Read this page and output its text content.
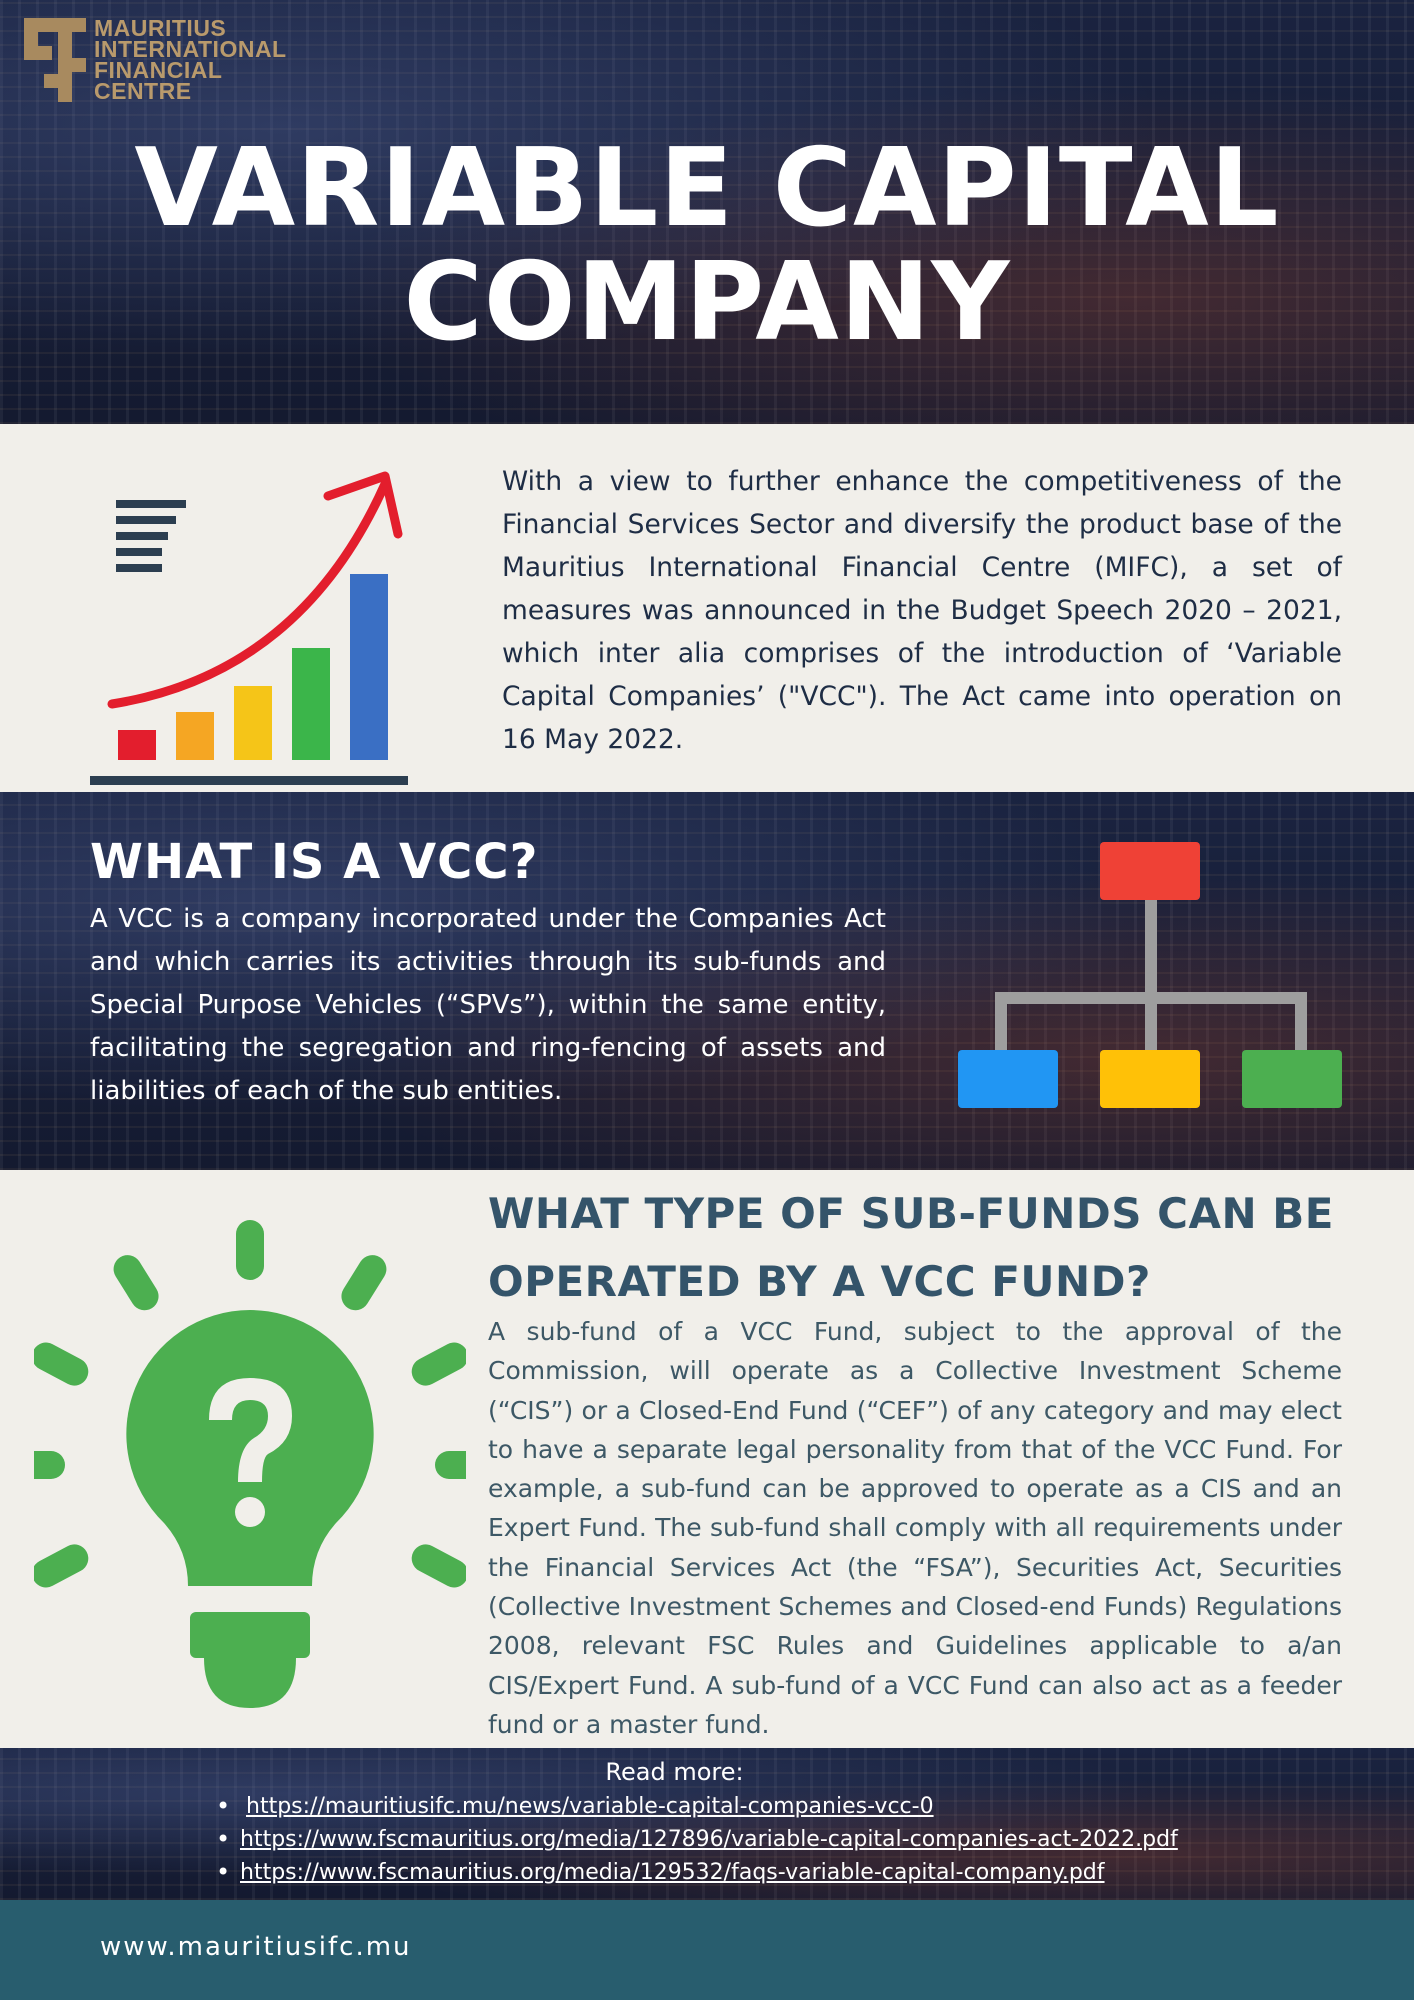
MAURITIUS
INTERNATIONAL
FINANCIAL
CENTRE
VARIABLE CAPITAL
COMPANY

With a view to further enhance the competitiveness of the Financial Services Sector and diversify the product base of the Mauritius International Financial Centre (MIFC), a set of measures was announced in the Budget Speech 2020 – 2021, which inter alia comprises of the introduction of ‘Variable Capital Companies’ ("VCC"). The Act came into operation on 16 May 2022.

WHAT IS A VCC?

A VCC is a company incorporated under the Companies Act and which carries its activities through its sub-funds and Special Purpose Vehicles (“SPVs”), within the same entity, facilitating the segregation and ring-fencing of assets and liabilities of each of the sub entities.

WHAT TYPE OF SUB-FUNDS CAN BE OPERATED BY A VCC FUND?

A sub-fund of a VCC Fund, subject to the approval of the Commission, will operate as a Collective Investment Scheme (“CIS”) or a Closed-End Fund (“CEF”) of any category and may elect to have a separate legal personality from that of the VCC Fund. For example, a sub-fund can be approved to operate as a CIS and an Expert Fund. The sub-fund shall comply with all requirements under the Financial Services Act (the “FSA”), Securities Act, Securities (Collective Investment Schemes and Closed-end Funds) Regulations 2008, relevant FSC Rules and Guidelines applicable to a/an CIS/Expert Fund. A sub-fund of a VCC Fund can also act as a feeder fund or a master fund.

Read more:
• https://mauritiusifc.mu/news/variable-capital-companies-vcc-0
• https://www.fscmauritius.org/media/127896/variable-capital-companies-act-2022.pdf
• https://www.fscmauritius.org/media/129532/faqs-variable-capital-company.pdf
www.mauritiusifc.mu
